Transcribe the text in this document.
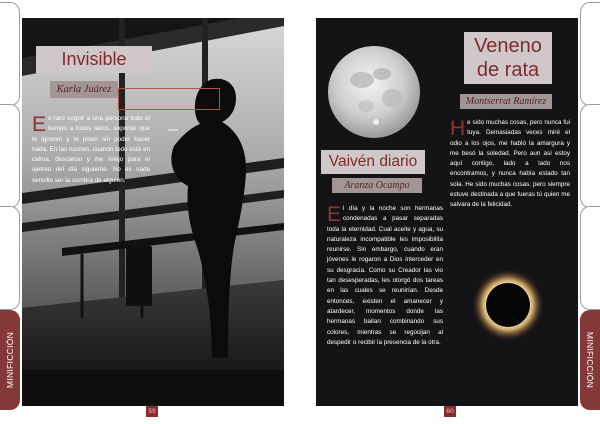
MINIFICCIÓN	MINIFICCIÓN
Invisible
Karla Juárez
Es raro seguir a una persona todo el tiempo a todos lados, soportar que te ignoren y te pisen sin poder hacer nada. En las noches, cuando todo está en calma, descanso y me relajo para el ajetreo del día siguiente. No es nada sencillo ser la sombra de alguien.
Veneno
de rata
Montserrat Ramírez
He sido muchas cosas, pero nunca fui tuya. Demasiadas veces miré el odio a los ojos, me habló la amargura y me besó la soledad. Pero aun así estoy aquí contigo, lado a lado nos encontramos, y nunca había estado tan sola. He sido muchas cosas, pero siempre estuve destinada a que fueras tú quien me salvara de la felicidad.
Vaivén diario
Aranza Ocampo
El día y la noche son hermanas condenadas a pasar separadas toda la eternidad. Cual aceite y agua, su naturaleza incompatible les imposibilita reunirse. Sin embargo, cuando eran jóvenes le rogaron a Dios interceder en su desgracia. Como su Creador las vio tan desesperadas, les otorgó dos tareas en las cuales se reunirían. Desde entonces, existen el amanecer y atardecer, momentos donde las hermanas bailan combinando sus colores, mientras se regocijan al despedir o recibir la presencia de la otra.
59	60
